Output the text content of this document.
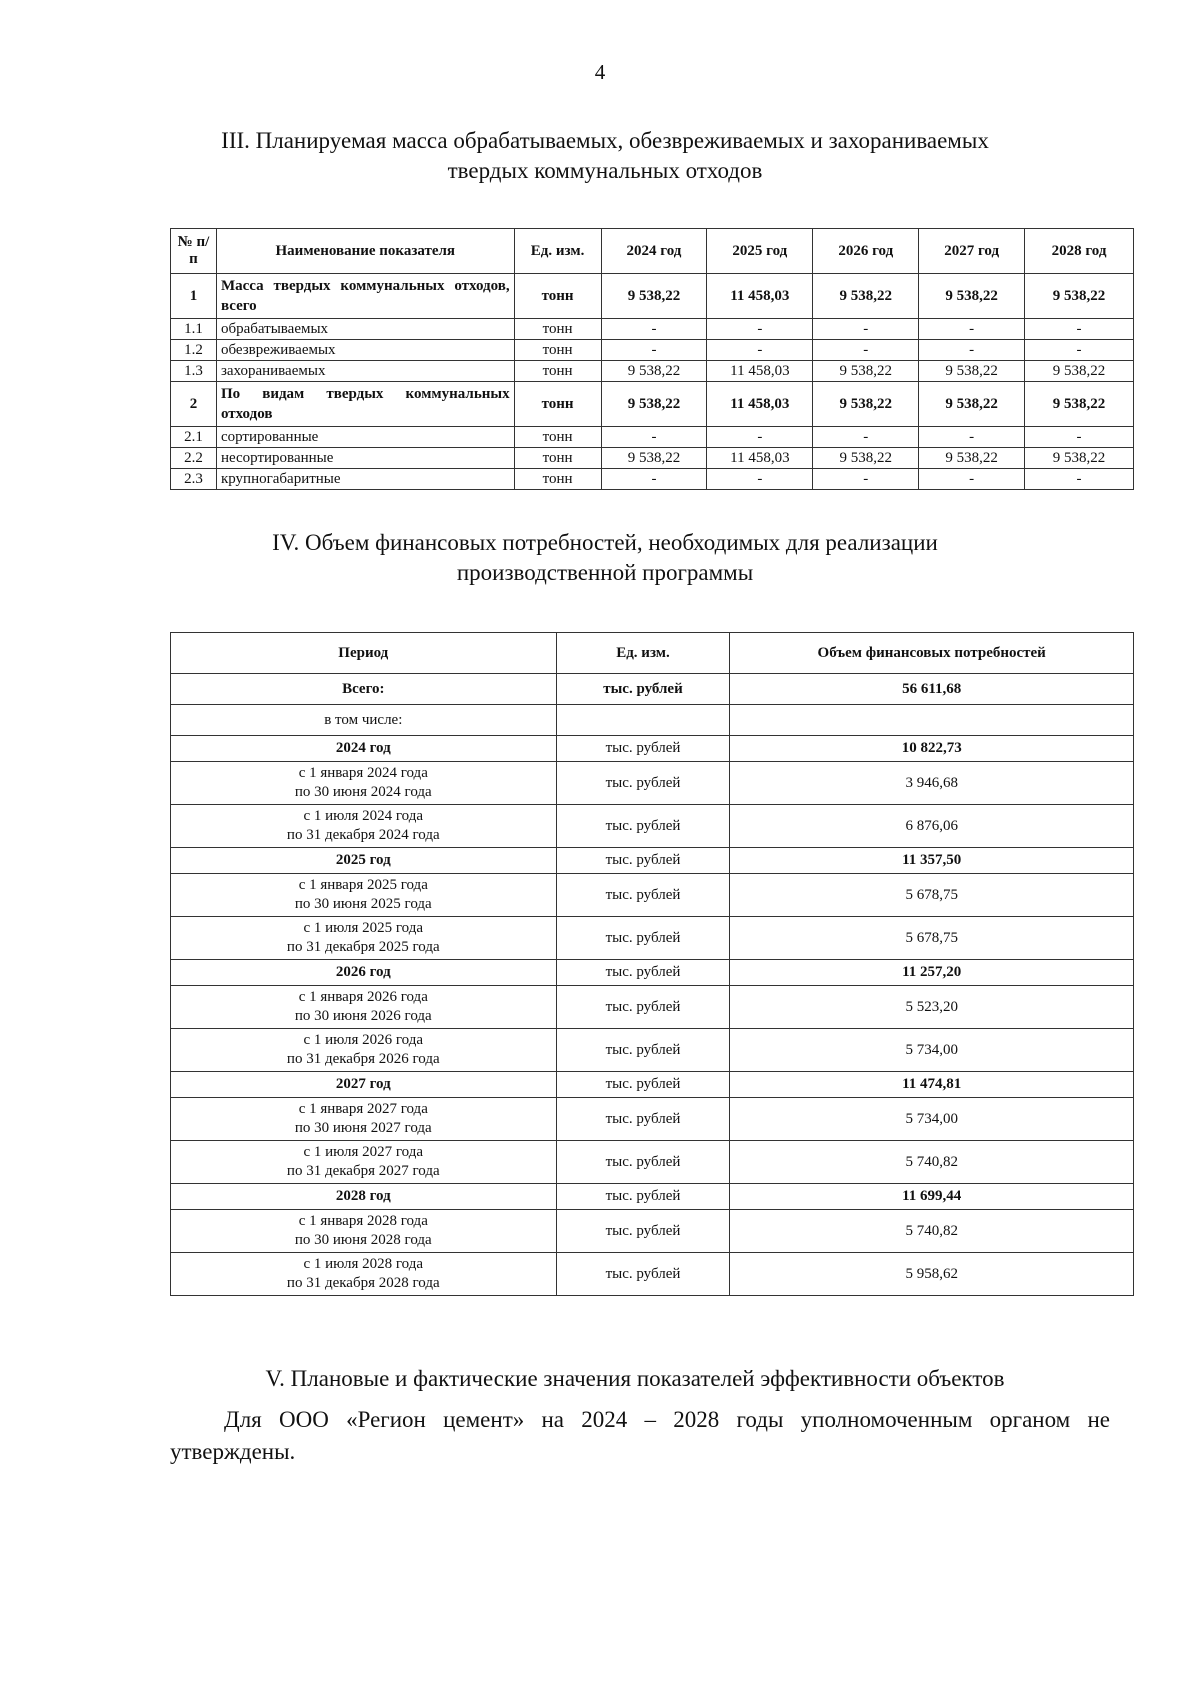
4
III. Планируемая масса обрабатываемых, обезвреживаемых и захораниваемых
твердых коммунальных отходов
№ п/п	Наименование показателя	Ед. изм.	2024 год	2025 год	2026 год	2027 год	2028 год
1	Масса твердых коммунальных отходов, всего	тонн	9 538,22	11 458,03	9 538,22	9 538,22	9 538,22
1.1	обрабатываемых	тонн	-	-	-	-	-
1.2	обезвреживаемых	тонн	-	-	-	-	-
1.3	захораниваемых	тонн	9 538,22	11 458,03	9 538,22	9 538,22	9 538,22
2	По видам твердых коммунальных отходов	тонн	9 538,22	11 458,03	9 538,22	9 538,22	9 538,22
2.1	сортированные	тонн	-	-	-	-	-
2.2	несортированные	тонн	9 538,22	11 458,03	9 538,22	9 538,22	9 538,22
2.3	крупногабаритные	тонн	-	-	-	-	-
IV. Объем финансовых потребностей, необходимых для реализации
производственной программы
Период	Ед. изм.	Объем финансовых потребностей
Всего:	тыс. рублей	56 611,68
в том числе:		
2024 год	тыс. рублей	10 822,73

с 1 января 2024 года
по 30 июня 2024 года	тыс. рублей	3 946,68

с 1 июля 2024 года
по 31 декабря 2024 года	тыс. рублей	6 876,06
2025 год	тыс. рублей	11 357,50

с 1 января 2025 года
по 30 июня 2025 года	тыс. рублей	5 678,75

с 1 июля 2025 года
по 31 декабря 2025 года	тыс. рублей	5 678,75
2026 год	тыс. рублей	11 257,20

с 1 января 2026 года
по 30 июня 2026 года	тыс. рублей	5 523,20

с 1 июля 2026 года
по 31 декабря 2026 года	тыс. рублей	5 734,00
2027 год	тыс. рублей	11 474,81

с 1 января 2027 года
по 30 июня 2027 года	тыс. рублей	5 734,00

с 1 июля 2027 года
по 31 декабря 2027 года	тыс. рублей	5 740,82
2028 год	тыс. рублей	11 699,44

с 1 января 2028 года
по 30 июня 2028 года	тыс. рублей	5 740,82

с 1 июля 2028 года
по 31 декабря 2028 года	тыс. рублей	5 958,62
V. Плановые и фактические значения показателей эффективности объектов
Для ООО «Регион цемент» на 2024 – 2028 годы уполномоченным органом не утверждены.
